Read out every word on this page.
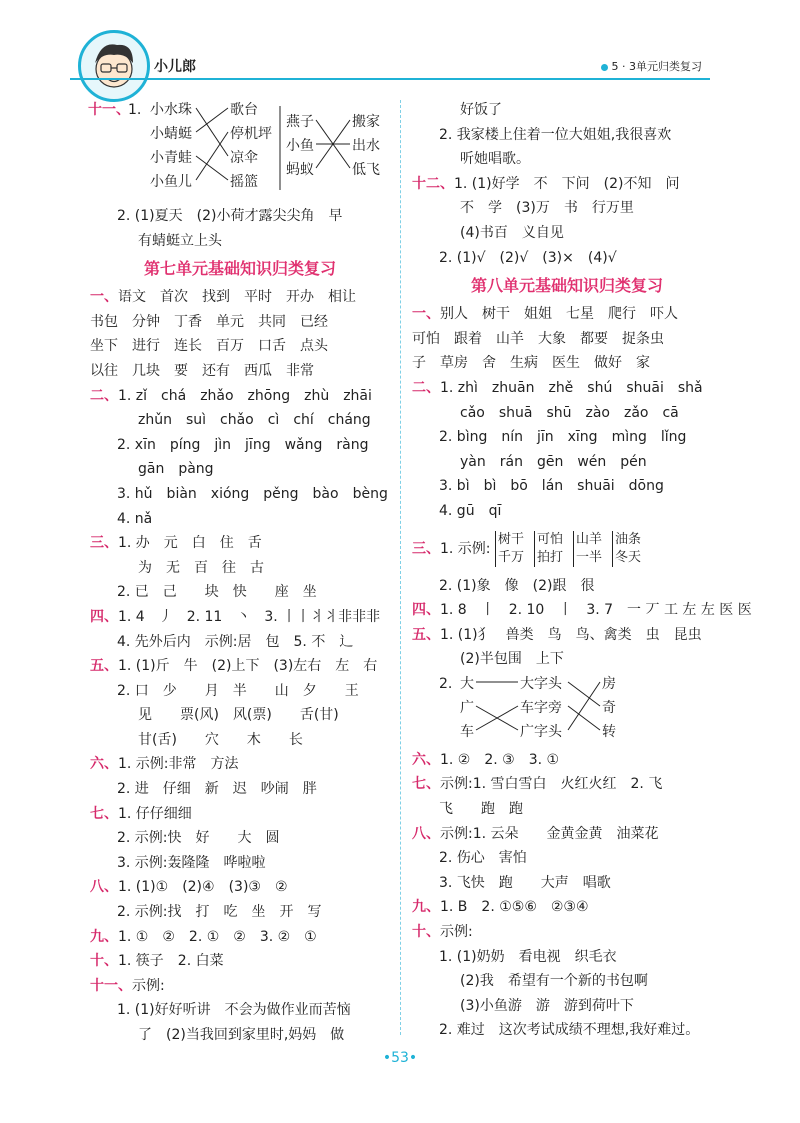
小儿郎	5 · 3单元归类复习
十一、
1. 小水珠
小蜻蜓
小青蛙
小鱼儿
歌台
停机坪
凉伞
摇篮
燕子
小鱼
蚂蚁
搬家
出水
低飞
2. (1)夏天　(2)小荷才露尖尖角　早
有蜻蜓立上头
第七单元基础知识归类复习
一、语文　首次　找到　平时　开办　相让
书包　分钟　丁香　单元　共同　已经
坐下　进行　连长　百万　口舌　点头
以往　几块　要　还有　西瓜　非常
二、1. zǐ　chá　zhǎo　zhōng　zhù　zhāi
zhǔn　suì　chǎo　cì　chí　cháng
2. xīn　píng　jìn　jīng　wǎng　ràng
gān　pàng
3. hǔ　biàn　xióng　pěng　bào　bèng
4. nǎ
三、1. 办　元　白　住　舌
为　无　百　往　古
2. 已　己　　块　快　　座　坐
四、1. 4　丿　2. 11　丶　3. 丨丨丬丬非非非
4. 先外后内　示例:居　包　5. 不　辶
五、1. (1)斤　牛　(2)上下　(3)左右　左　右
2. 口　少　　月　半　　山　夕　　王
见　　票(风)　风(票)　　舌(甘)
甘(舌)　　穴　　木　　长
六、1. 示例:非常　方法
2. 进　仔细　新　迟　吵闹　胖
七、1. 仔仔细细
2. 示例:快　好　　大　圆
3. 示例:轰隆隆　哗啦啦
八、1. (1)①　(2)④　(3)③　②
2. 示例:找　打　吃　坐　开　写
九、1. ①　②　2. ①　②　3. ②　①
十、1. 筷子　2. 白菜
十一、示例:
1. (1)好好听讲　不会为做作业而苦恼
了　(2)当我回到家里时,妈妈　做
好饭了
2. 我家楼上住着一位大姐姐,我很喜欢
听她唱歌。
十二、1. (1)好学　不　下问　(2)不知　问
不　学　(3)万　书　行万里
(4)书百　义自见
2. (1)√　(2)√　(3)×　(4)√
第八单元基础知识归类复习
一、别人　树干　姐姐　七星　爬行　吓人
可怕　跟着　山羊　大象　都要　捉条虫
子　草房　舍　生病　医生　做好　家
二、1. zhì　zhuān　zhě　shú　shuāi　shǎ
cǎo　shuā　shū　zào　zǎo　cā
2. bìng　nín　jīn　xīng　mìng　lǐng
yàn　rán　gēn　wén　pén
3. bì　bì　bō　lán　shuāi　dōng
4. gū　qī
三、1. 示例: 树干
千万可怕
拍打山羊
一半油条
冬天
2. (1)象　像　(2)跟　很
四、1. 8　丨　2. 10　丨　3. 7　一 丆 工 左 左 医 医
五、1. (1)犭　兽类　鸟　鸟、禽类　虫　昆虫
(2)半包围　上下
2. 大
广
车
大字头
车字旁
广字头
房
奇
转
六、1. ②　2. ③　3. ①
七、示例:1. 雪白雪白　火红火红　2. 飞
飞　　跑　跑
八、示例:1. 云朵　　金黄金黄　油菜花
2. 伤心　害怕
3. 飞快　跑　　大声　唱歌
九、1. B　2. ①⑤⑥　②③④
十、示例:
1. (1)奶奶　看电视　织毛衣
(2)我　希望有一个新的书包啊
(3)小鱼游　游　游到荷叶下
2. 难过　这次考试成绩不理想,我好难过。
•53•
